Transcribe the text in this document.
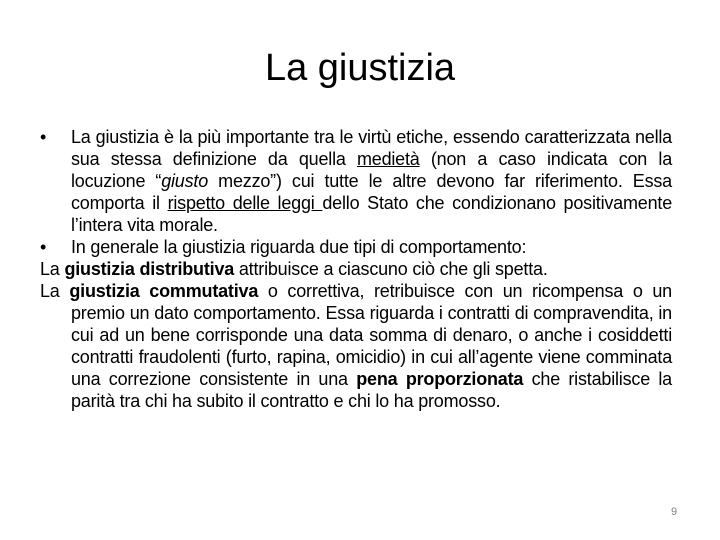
La giustizia

• La giustizia è la più importante tra le virtù etiche, essendo caratterizzata nella sua stessa definizione da quella medietà (non a caso indicata con la locuzione “giusto mezzo”) cui tutte le altre devono far riferimento. Essa comporta il rispetto delle leggi dello Stato che condizionano positivamente l’intera vita morale.

• In generale la giustizia riguarda due tipi di comportamento:

La giustizia distributiva attribuisce a ciascuno ciò che gli spetta.

La giustizia commutativa o correttiva, retribuisce con un ricompensa o un premio un dato comportamento. Essa riguarda i contratti di compravendita, in cui ad un bene corrisponde una data somma di denaro, o anche i cosiddetti contratti fraudolenti (furto, rapina, omicidio) in cui all’agente viene comminata una correzione consistente in una pena proporzionata che ristabilisce la parità tra chi ha subito il contratto e chi lo ha promosso.

9
